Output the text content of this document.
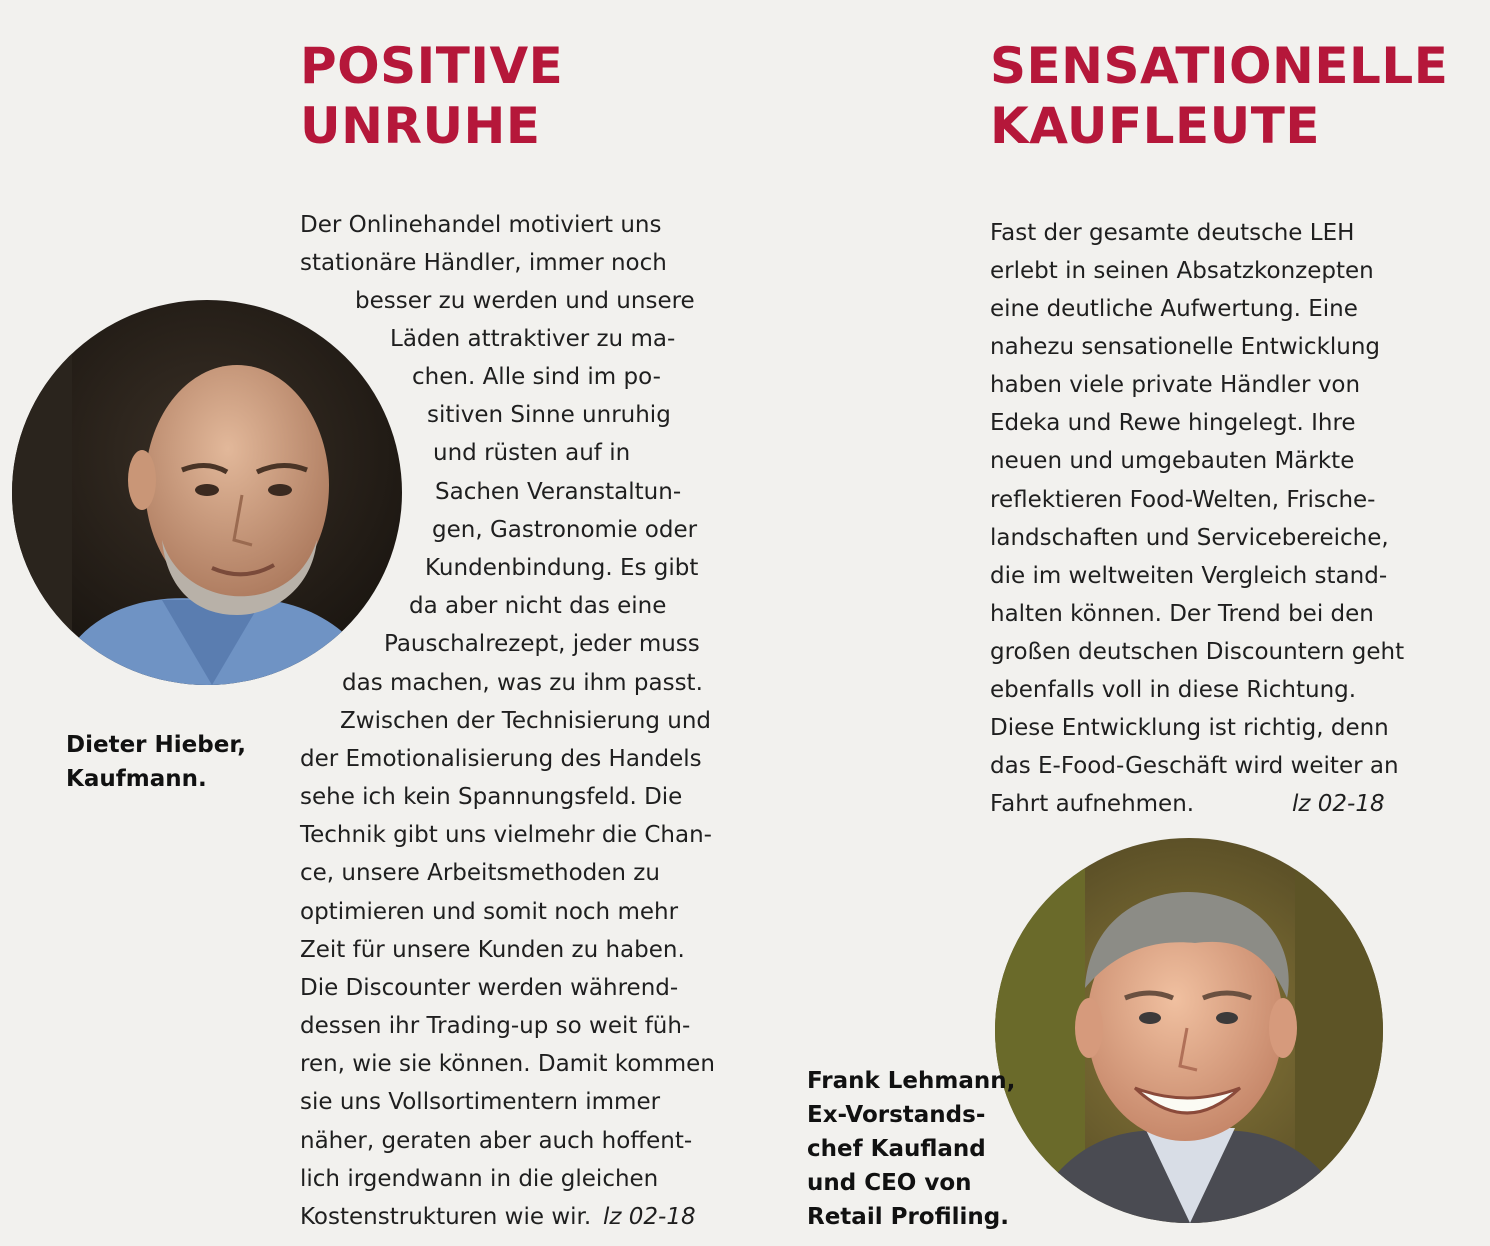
POSITIVE
UNRUHE
SENSATIONELLE
KAUFLEUTE
Der Onlinehandel motiviert uns
stationäre Händler, immer noch
besser zu werden und unsere
Läden attraktiver zu ma-
chen. Alle sind im po-
sitiven Sinne unruhig
und rüsten auf in
Sachen Veranstaltun-
gen, Gastronomie oder
Kundenbindung. Es gibt
da aber nicht das eine
Pauschalrezept, jeder muss
das machen, was zu ihm passt.
Zwischen der Technisierung und
der Emotionalisierung des Handels
sehe ich kein Spannungsfeld. Die
Technik gibt uns vielmehr die Chan-
ce, unsere Arbeitsmethoden zu
optimieren und somit noch mehr
Zeit für unsere Kunden zu haben.
Die Discounter werden während-
dessen ihr Trading-up so weit füh-
ren, wie sie können. Damit kommen
sie uns Vollsortimentern immer
näher, geraten aber auch hoffent-
lich irgendwann in die gleichen
Kostenstrukturen wie wir. lz 02-18
Fast der gesamte deutsche LEH
erlebt in seinen Absatzkonzepten
eine deutliche Aufwertung. Eine
nahezu sensationelle Entwicklung
haben viele private Händler von
Edeka und Rewe hingelegt. Ihre
neuen und umgebauten Märkte
reflektieren Food-Welten, Frische-
landschaften und Servicebereiche,
die im weltweiten Vergleich stand-
halten können. Der Trend bei den
großen deutschen Discountern geht
ebenfalls voll in diese Richtung.
Diese Entwicklung ist richtig, denn
das E-Food-Geschäft wird weiter an
Fahrt aufnehmen.	lz 02-18
Dieter Hieber,
Kaufmann.
Frank Lehmann,
Ex-Vorstands-
chef Kaufland
und CEO von
Retail Profiling.
